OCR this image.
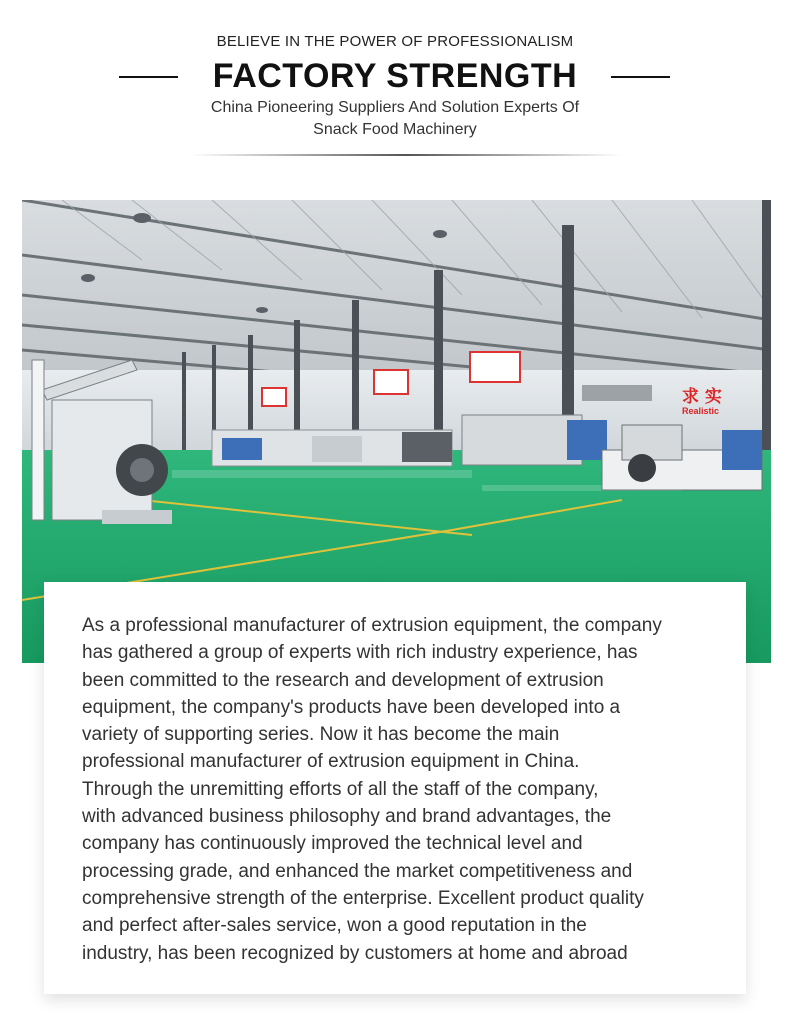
BELIEVE IN THE POWER OF PROFESSIONALISM
FACTORY STRENGTH
China Pioneering Suppliers And Solution Experts Of
Snack Food Machinery
求 实
Realistic
As a professional manufacturer of extrusion equipment, the company
has gathered a group of experts with rich industry experience, has
been committed to the research and development of extrusion
equipment, the company's products have been developed into a
variety of supporting series. Now it has become the main
professional manufacturer of extrusion equipment in China.
Through the unremitting efforts of all the staff of the company,
with advanced business philosophy and brand advantages, the
company has continuously improved the technical level and
processing grade, and enhanced the market competitiveness and
comprehensive strength of the enterprise. Excellent product quality
and perfect after-sales service, won a good reputation in the
industry, has been recognized by customers at home and abroad
